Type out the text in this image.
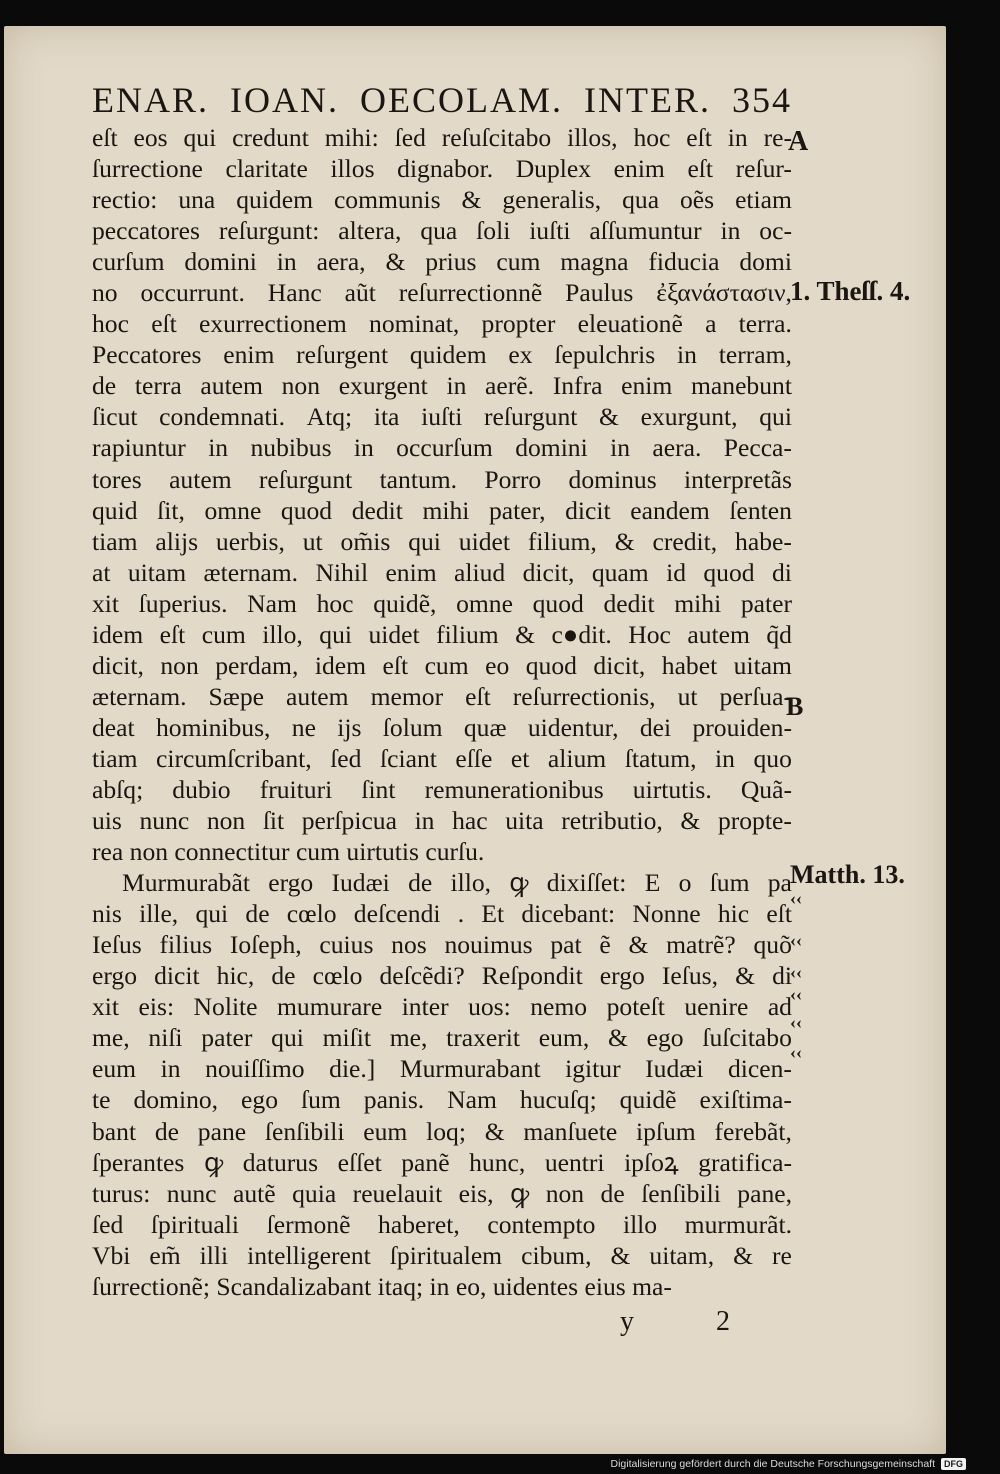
ENAR. IOAN. OECOLAM. INTER. 354
eſt eos qui credunt mihi: ſed reſuſcitabo illos, hoc eſt in re-
ſurrectione claritate illos dignabor. Duplex enim eſt reſur-
rectio: una quidem communis & generalis, qua oẽs etiam
peccatores reſurgunt: altera, qua ſoli iuſti aſſumuntur in oc-
curſum domini in aera, & prius cum magna fiducia domi
no occurrunt. Hanc aũt reſurrectionnẽ Paulus ἐξανάστασιν,
hoc eſt exurrectionem nominat, propter eleuationẽ a terra.
Peccatores enim reſurgent quidem ex ſepulchris in terram,
de terra autem non exurgent in aerẽ. Infra enim manebunt
ſicut condemnati. Atq; ita iuſti reſurgunt & exurgunt, qui
rapiuntur in nubibus in occurſum domini in aera. Pecca-
tores autem reſurgunt tantum. Porro dominus interpretãs
quid ſit, omne quod dedit mihi pater, dicit eandem ſenten
tiam alijs uerbis, ut om̃is qui uidet filium, & credit, habe-
at uitam æternam. Nihil enim aliud dicit, quam id quod di
xit ſuperius. Nam hoc quidẽ, omne quod dedit mihi pater
idem eſt cum illo, qui uidet filium & c●dit. Hoc autem q̃d
dicit, non perdam, idem eſt cum eo quod dicit, habet uitam
æternam. Sæpe autem memor eſt reſurrectionis, ut perſua-
deat hominibus, ne ijs ſolum quæ uidentur, dei prouiden-
tiam circumſcribant, ſed ſciant eſſe et alium ſtatum, in quo
abſq; dubio fruituri ſint remunerationibus uirtutis. Quã-
uis nunc non ſit perſpicua in hac uita retributio, & propte-
rea non connectitur cum uirtutis curſu.
Murmurabãt ergo Iudæi de illo, ꝙ dixiſſet: E o ſum pa
nis ille, qui de cœlo deſcendi . Et dicebant: Nonne hic eſt
Ieſus filius Ioſeph, cuius nos nouimus pat ẽ & matrẽ? quõ
ergo dicit hic, de cœlo deſcẽdi? Reſpondit ergo Ieſus, & di
xit eis: Nolite mumurare inter uos: nemo poteſt uenire ad
me, niſi pater qui miſit me, traxerit eum, & ego ſuſcitabo
eum in nouiſſimo die.] Murmurabant igitur Iudæi dicen-
te domino, ego ſum panis. Nam hucuſq; quidẽ exiſtima-
bant de pane ſenſibili eum loq; & manſuete ipſum ferebãt,
ſperantes ꝙ daturus eſſet panẽ hunc, uentri ipſoꝝ gratifica-
turus: nunc autẽ quia reuelauit eis, ꝙ non de ſenſibili pane,
ſed ſpirituali ſermonẽ haberet, contempto illo murmurãt.
Vbi em̃ illi intelligerent ſpiritualem cibum, & uitam, & re
ſurrectionẽ; Scandalizabant itaq; in eo, uidentes eius ma-
A
1. Theſſ. 4.
B
Matth. 13.
‹‹
‹‹
‹‹
‹‹
‹‹
‹‹
y	2
Digitalisierung gefördert durch die Deutsche Forschungsgemeinschaft	DFG
